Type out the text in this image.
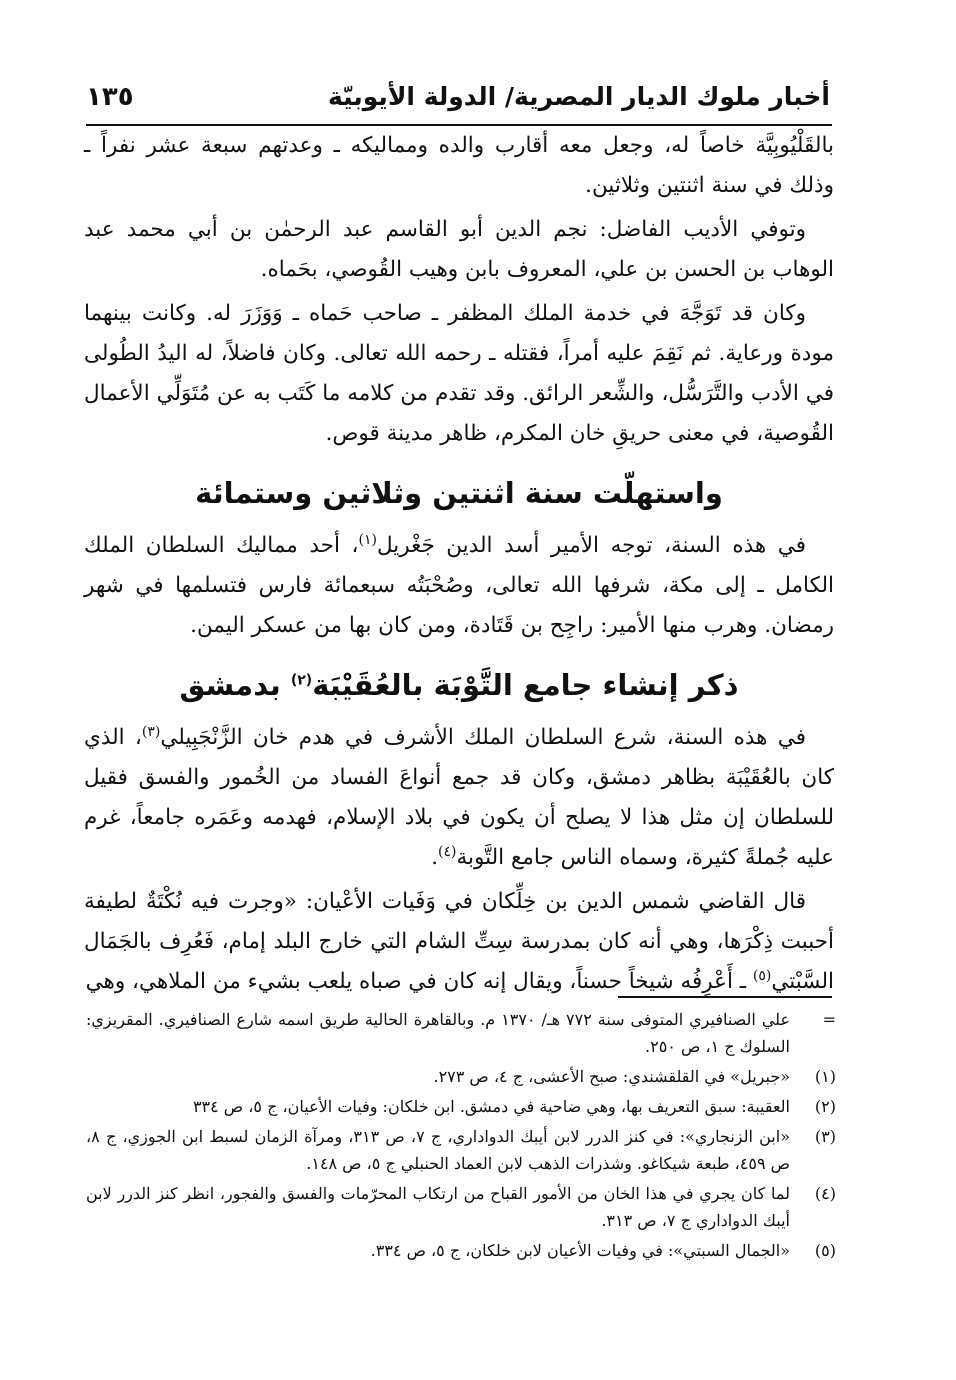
أخبار ملوك الديار المصرية/ الدولة الأيوبيّة
١٣٥

بالقَلْيُوبِيَّة خاصاً له، وجعل معه أقارب والده ومماليكه ـ وعدتهم سبعة عشر نفراً ـ وذلك في سنة اثنتين وثلاثين.

وتوفي الأديب الفاضل: نجم الدين أبو القاسم عبد الرحمٰن بن أبي محمد عبد الوهاب بن الحسن بن علي، المعروف بابن وهيب القُوصي، بحَماه.

وكان قد تَوَجَّهَ في خدمة الملك المظفر ـ صاحب حَماه ـ وَوَزَرَ له. وكانت بينهما مودة ورعاية. ثم نَقِمَ عليه أمراً، فقتله ـ رحمه الله تعالى. وكان فاضلاً، له اليدُ الطُولى في الأدب والتَّرَسُّل، والشِّعر الرائق. وقد تقدم من كلامه ما كَتَب به عن مُتَوَلِّي الأعمال القُوصية، في معنى حريقِ خان المكرم، ظاهر مدينة قوص.

واستهلّت سنة اثنتين وثلاثين وستمائة

في هذه السنة، توجه الأمير أسد الدين جَغْريل$^{(١)}$، أحد مماليك السلطان الملك الكامل ـ إلى مكة، شرفها الله تعالى، وصُحْبَتُه سبعمائة فارس فتسلمها في شهر رمضان. وهرب منها الأمير: راجِح بن قَتَادة، ومن كان بها من عسكر اليمن.

ذكر إنشاء جامع التَّوْبَة بالعُقَيْبَة$^{(٢)}$ بدمشق

في هذه السنة، شرع السلطان الملك الأشرف في هدم خان الزَّنْجَبِيلي$^{(٣)}$، الذي كان بالعُقَيْبَة بظاهر دمشق، وكان قد جمع أنواعَ الفساد من الخُمور والفسق فقيل للسلطان إن مثل هذا لا يصلح أن يكون في بلاد الإسلام، فهدمه وعَمَره جامعاً، غرم عليه جُملةً كثيرة، وسماه الناس جامع التَّوبة$^{(٤)}$.

قال القاضي شمس الدين بن خِلِّكان في وَفَيات الأعْيان: «وجرت فيه نُكْتَةٌ لطيفة أحببت ذِكْرَها، وهي أنه كان بمدرسة سِتِّ الشام التي خارج البلد إمام، فَعُرِف بالجَمَال السَّبْتي$^{(٥)}$ ـ أَعْرِفُه شيخاً حسناً، ويقال إنه كان في صباه يلعب بشيء من الملاهي، وهي

=
علي الصنافيري المتوفى سنة ٧٧٢ هـ/ ١٣٧٠ م. وبالقاهرة الحالية طريق اسمه شارع الصنافيري. المقريزي: السلوك ج ١، ص ٢٥٠.
(١)
«جبريل» في القلقشندي: صبح الأعشى، ج ٤، ص ٢٧٣.
(٢)
العقيبة: سبق التعريف بها، وهي ضاحية في دمشق. ابن خلكان: وفيات الأعيان، ج ٥، ص ٣٣٤
(٣)
«ابن الزنجاري»: في كنز الدرر لابن أيبك الدواداري، ج ٧، ص ٣١٣، ومرآة الزمان لسبط ابن الجوزي، ج ٨، ص ٤٥٩، طبعة شيكاغو. وشذرات الذهب لابن العماد الحنبلي ج ٥، ص ١٤٨.
(٤)
لما كان يجري في هذا الخان من الأمور القباح من ارتكاب المحرّمات والفسق والفجور، انظر كنز الدرر لابن أيبك الدواداري ج ٧، ص ٣١٣.
(٥)
«الجمال السبتي»: في وفيات الأعيان لابن خلكان، ج ٥، ص ٣٣٤.
